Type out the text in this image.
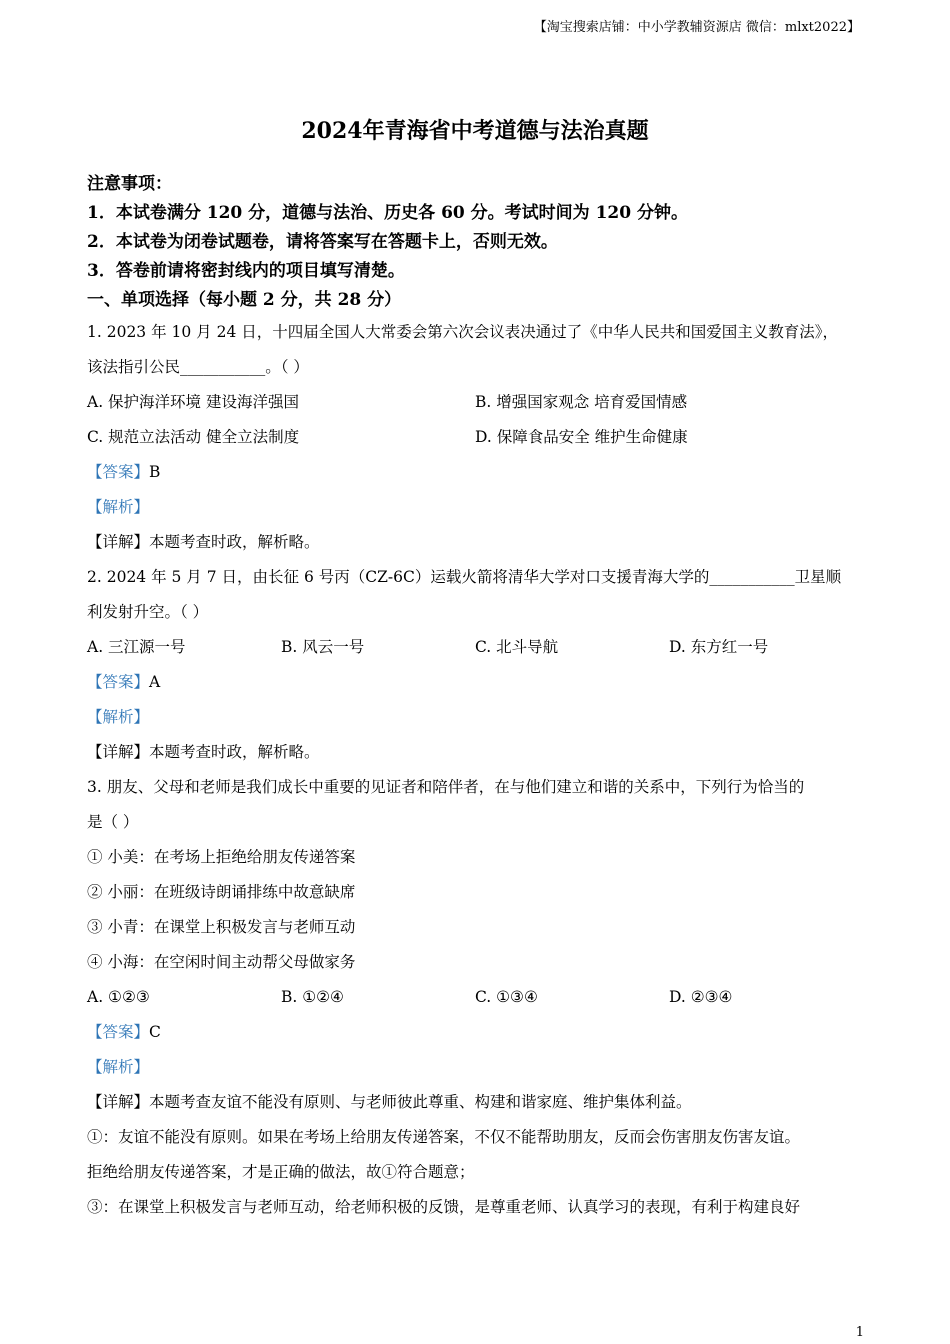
【淘宝搜索店铺：中小学教辅资源店 微信：mlxt2022】
2024年青海省中考道德与法治真题
注意事项：
1．本试卷满分 120 分，道德与法治、历史各 60 分。考试时间为 120 分钟。
2．本试卷为闭卷试题卷，请将答案写在答题卡上，否则无效。
3．答卷前请将密封线内的项目填写清楚。
一、单项选择（每小题 2 分，共 28 分）
1. 2023 年 10 月 24 日，十四届全国人大常委会第六次会议表决通过了《中华人民共和国爱国主义教育法》，
该法指引公民___________。（ ）
A. 保护海洋环境 建设海洋强国	B. 增强国家观念 培育爱国情感
C. 规范立法活动 健全立法制度	D. 保障食品安全 维护生命健康
【答案】B
【解析】
【详解】本题考查时政，解析略。
2. 2024 年 5 月 7 日，由长征 6 号丙（CZ-6C）运载火箭将清华大学对口支援青海大学的___________卫星顺
利发射升空。（ ）
A. 三江源一号	B. 风云一号	C. 北斗导航	D. 东方红一号
【答案】A
【解析】
【详解】本题考查时政，解析略。
3. 朋友、父母和老师是我们成长中重要的见证者和陪伴者，在与他们建立和谐的关系中，下列行为恰当的
是（ ）
① 小美：在考场上拒绝给朋友传递答案
② 小丽：在班级诗朗诵排练中故意缺席
③ 小青：在课堂上积极发言与老师互动
④ 小海：在空闲时间主动帮父母做家务
A. ①②③	B. ①②④	C. ①③④	D. ②③④
【答案】C
【解析】
【详解】本题考查友谊不能没有原则、与老师彼此尊重、构建和谐家庭、维护集体利益。
①：友谊不能没有原则。如果在考场上给朋友传递答案，不仅不能帮助朋友，反而会伤害朋友伤害友谊。
拒绝给朋友传递答案，才是正确的做法，故①符合题意；
③：在课堂上积极发言与老师互动，给老师积极的反馈，是尊重老师、认真学习的表现，有利于构建良好
1
